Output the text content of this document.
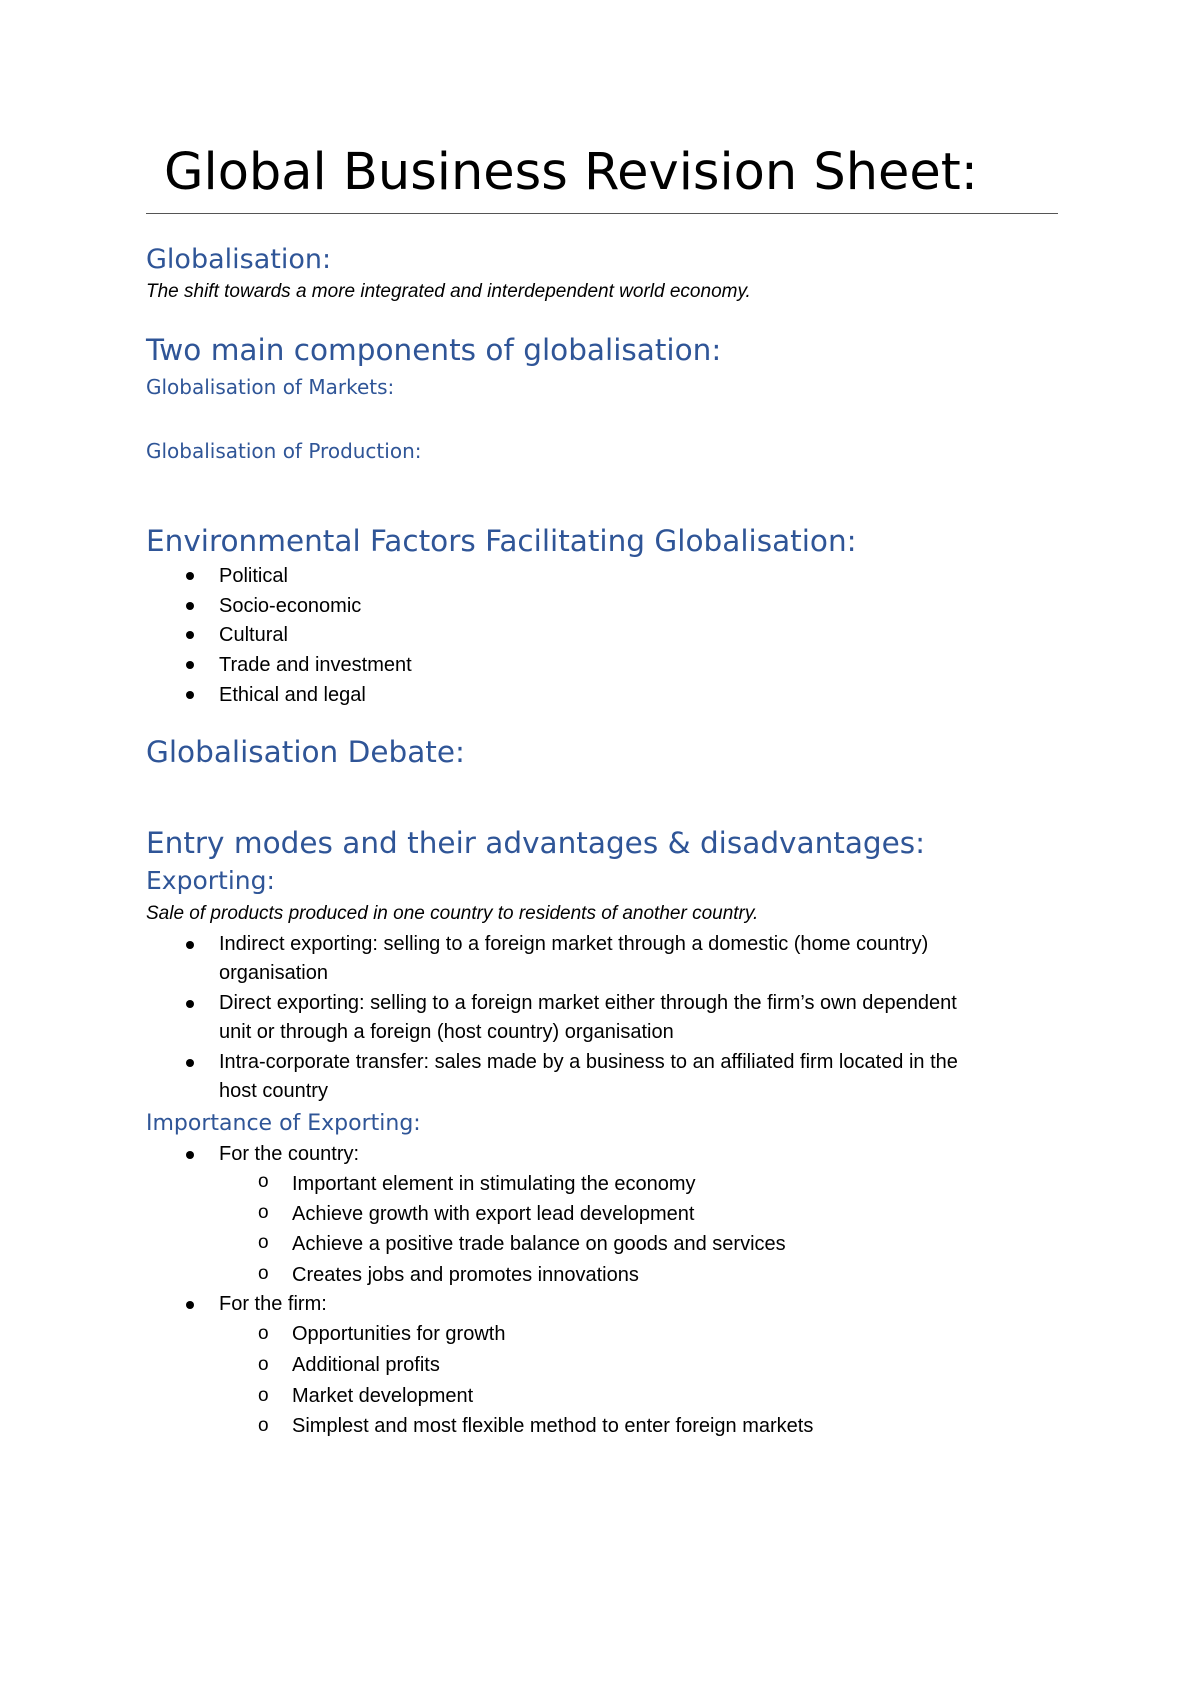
Global Business Revision Sheet:
Globalisation:
The shift towards a more integrated and interdependent world economy.
Two main components of globalisation:
Globalisation of Markets:
Globalisation of Production:
Environmental Factors Facilitating Globalisation:
Political
Socio-economic
Cultural
Trade and investment
Ethical and legal
Globalisation Debate:
Entry modes and their advantages & disadvantages:
Exporting:
Sale of products produced in one country to residents of another country.
Indirect exporting: selling to a foreign market through a domestic (home country)
organisation
Direct exporting: selling to a foreign market either through the firm’s own dependent
unit or through a foreign (host country) organisation
Intra-corporate transfer: sales made by a business to an affiliated firm located in the
host country
Importance of Exporting:
For the country:
o Important element in stimulating the economy
o Achieve growth with export lead development
o Achieve a positive trade balance on goods and services
o Creates jobs and promotes innovations
For the firm:
o Opportunities for growth
o Additional profits
o Market development
o Simplest and most flexible method to enter foreign markets
